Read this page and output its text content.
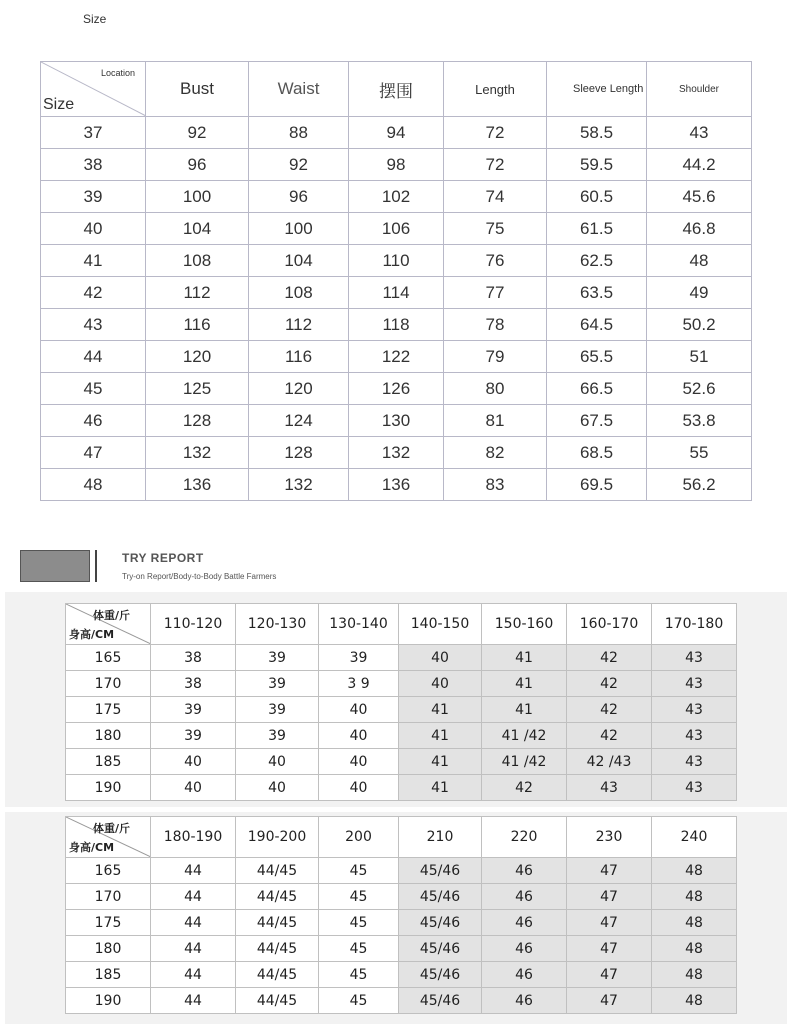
Size
Location
Size	Bust	Waist	摆围	Length	Sleeve Length	Shoulder
37	92	88	94	72	58.5	43
38	96	92	98	72	59.5	44.2
39	100	96	102	74	60.5	45.6
40	104	100	106	75	61.5	46.8
41	108	104	110	76	62.5	48
42	112	108	114	77	63.5	49
43	116	112	118	78	64.5	50.2
44	120	116	122	79	65.5	51
45	125	120	126	80	66.5	52.6
46	128	124	130	81	67.5	53.8
47	132	128	132	82	68.5	55
48	136	132	136	83	69.5	56.2
TRY REPORT
Try-on Report/Body-to-Body Battle Farmers
体重/斤
身高/CM	110-120	120-130	130-140	140-150	150-160	160-170	170-180
165	38	39	39	40	41	42	43
170	38	39	3 9	40	41	42	43
175	39	39	40	41	41	42	43
180	39	39	40	41	41 /42	42	43
185	40	40	40	41	41 /42	42 /43	43
190	40	40	40	41	42	43	43
体重/斤
身高/CM	180-190	190-200	200	210	220	230	240
165	44	44/45	45	45/46	46	47	48
170	44	44/45	45	45/46	46	47	48
175	44	44/45	45	45/46	46	47	48
180	44	44/45	45	45/46	46	47	48
185	44	44/45	45	45/46	46	47	48
190	44	44/45	45	45/46	46	47	48
